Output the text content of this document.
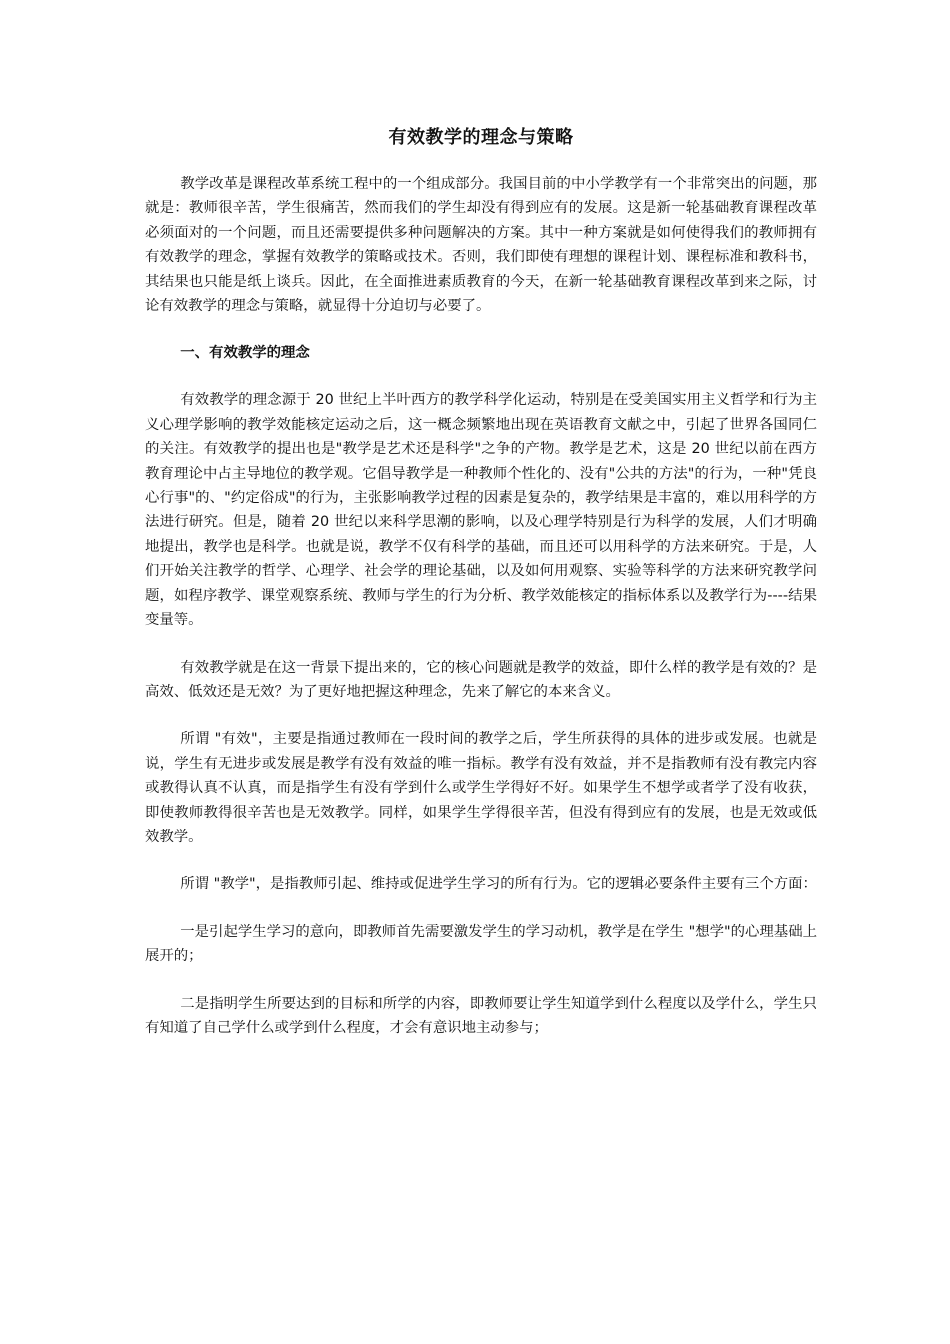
有效教学的理念与策略

教学改革是课程改革系统工程中的一个组成部分。我国目前的中小学教学有一个非常突出的问题，那就是：教师很辛苦，学生很痛苦，然而我们的学生却没有得到应有的发展。这是新一轮基础教育课程改革必须面对的一个问题，而且还需要提供多种问题解决的方案。其中一种方案就是如何使得我们的教师拥有有效教学的理念，掌握有效教学的策略或技术。否则，我们即使有理想的课程计划、课程标准和教科书，其结果也只能是纸上谈兵。因此，在全面推进素质教育的今天，在新一轮基础教育课程改革到来之际，讨论有效教学的理念与策略，就显得十分迫切与必要了。

一、有效教学的理念

有效教学的理念源于 20 世纪上半叶西方的教学科学化运动，特别是在受美国实用主义哲学和行为主义心理学影响的教学效能核定运动之后，这一概念频繁地出现在英语教育文献之中，引起了世界各国同仁的关注。有效教学的提出也是"教学是艺术还是科学"之争的产物。教学是艺术，这是 20 世纪以前在西方教育理论中占主导地位的教学观。它倡导教学是一种教师个性化的、没有"公共的方法"的行为，一种"凭良心行事"的、"约定俗成"的行为，主张影响教学过程的因素是复杂的，教学结果是丰富的，难以用科学的方法进行研究。但是，随着 20 世纪以来科学思潮的影响，以及心理学特别是行为科学的发展，人们才明确地提出，教学也是科学。也就是说，教学不仅有科学的基础，而且还可以用科学的方法来研究。于是，人们开始关注教学的哲学、心理学、社会学的理论基础，以及如何用观察、实验等科学的方法来研究教学问题，如程序教学、课堂观察系统、教师与学生的行为分析、教学效能核定的指标体系以及教学行为----结果变量等。

有效教学就是在这一背景下提出来的，它的核心问题就是教学的效益，即什么样的教学是有效的？是高效、低效还是无效？为了更好地把握这种理念，先来了解它的本来含义。

所谓 "有效"，主要是指通过教师在一段时间的教学之后，学生所获得的具体的进步或发展。也就是说，学生有无进步或发展是教学有没有效益的唯一指标。教学有没有效益，并不是指教师有没有教完内容或教得认真不认真，而是指学生有没有学到什么或学生学得好不好。如果学生不想学或者学了没有收获，即使教师教得很辛苦也是无效教学。同样，如果学生学得很辛苦，但没有得到应有的发展，也是无效或低效教学。

所谓 "教学"，是指教师引起、维持或促进学生学习的所有行为。它的逻辑必要条件主要有三个方面：

一是引起学生学习的意向，即教师首先需要激发学生的学习动机，教学是在学生 "想学"的心理基础上展开的；

二是指明学生所要达到的目标和所学的内容，即教师要让学生知道学到什么程度以及学什么，学生只有知道了自己学什么或学到什么程度，才会有意识地主动参与；
